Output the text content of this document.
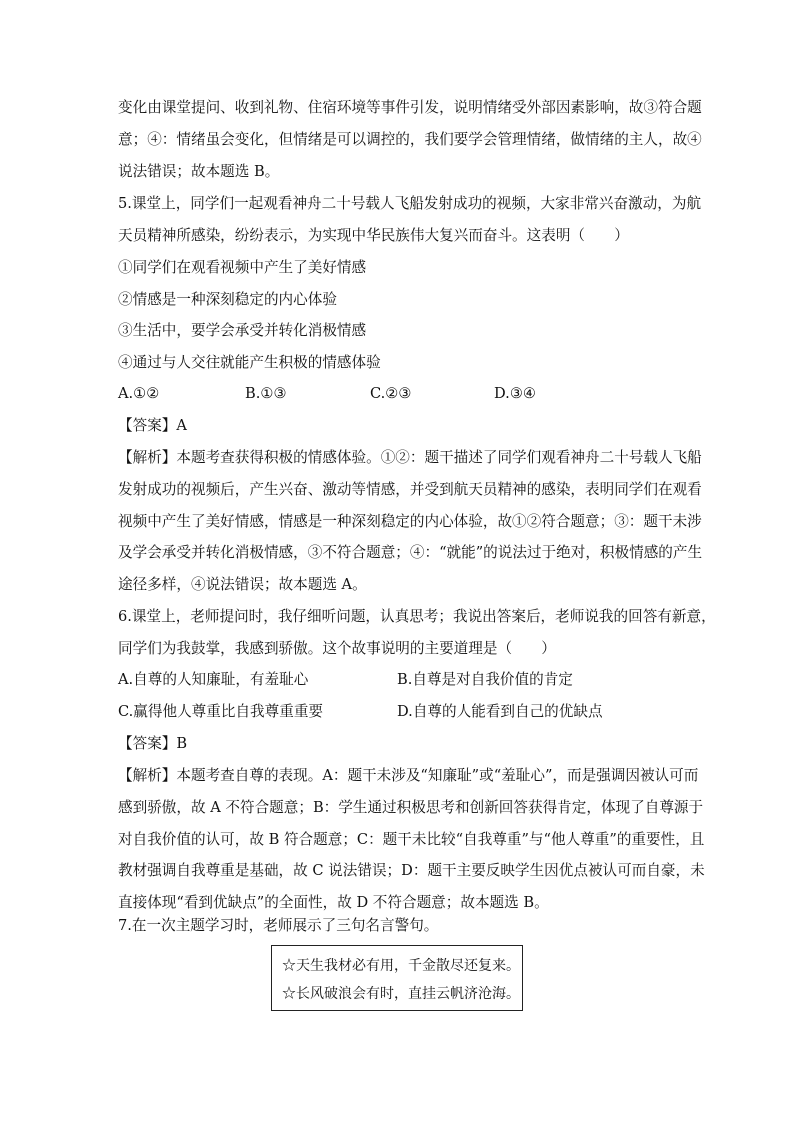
变化由课堂提问、收到礼物、住宿环境等事件引发，说明情绪受外部因素影响，故③符合题
意；④：情绪虽会变化，但情绪是可以调控的，我们要学会管理情绪，做情绪的主人，故④
说法错误；故本题选 B。
5.课堂上，同学们一起观看神舟二十号载人飞船发射成功的视频，大家非常兴奋激动，为航
天员精神所感染，纷纷表示，为实现中华民族伟大复兴而奋斗。这表明（　　）
①同学们在观看视频中产生了美好情感
②情感是一种深刻稳定的内心体验
③生活中，要学会承受并转化消极情感
④通过与人交往就能产生积极的情感体验
A.①②	B.①③	C.②③	D.③④
【答案】A
【解析】本题考查获得积极的情感体验。①②：题干描述了同学们观看神舟二十号载人飞船
发射成功的视频后，产生兴奋、激动等情感，并受到航天员精神的感染，表明同学们在观看
视频中产生了美好情感，情感是一种深刻稳定的内心体验，故①②符合题意；③：题干未涉
及学会承受并转化消极情感，③不符合题意；④：“就能”的说法过于绝对，积极情感的产生
途径多样，④说法错误；故本题选 A。
6.课堂上，老师提问时，我仔细听问题，认真思考；我说出答案后，老师说我的回答有新意，
同学们为我鼓掌，我感到骄傲。这个故事说明的主要道理是（　　）
A.自尊的人知廉耻，有羞耻心	B.自尊是对自我价值的肯定
C.赢得他人尊重比自我尊重重要	D.自尊的人能看到自己的优缺点
【答案】B
【解析】本题考查自尊的表现。A：题干未涉及“知廉耻”或“羞耻心”，而是强调因被认可而
感到骄傲，故 A 不符合题意；B：学生通过积极思考和创新回答获得肯定，体现了自尊源于
对自我价值的认可，故 B 符合题意；C：题干未比较“自我尊重”与“他人尊重”的重要性，且
教材强调自我尊重是基础，故 C 说法错误；D：题干主要反映学生因优点被认可而自豪，未
直接体现“看到优缺点”的全面性，故 D 不符合题意；故本题选 B。
7.在一次主题学习时，老师展示了三句名言警句。
☆天生我材必有用，千金散尽还复来。
☆长风破浪会有时，直挂云帆济沧海。
